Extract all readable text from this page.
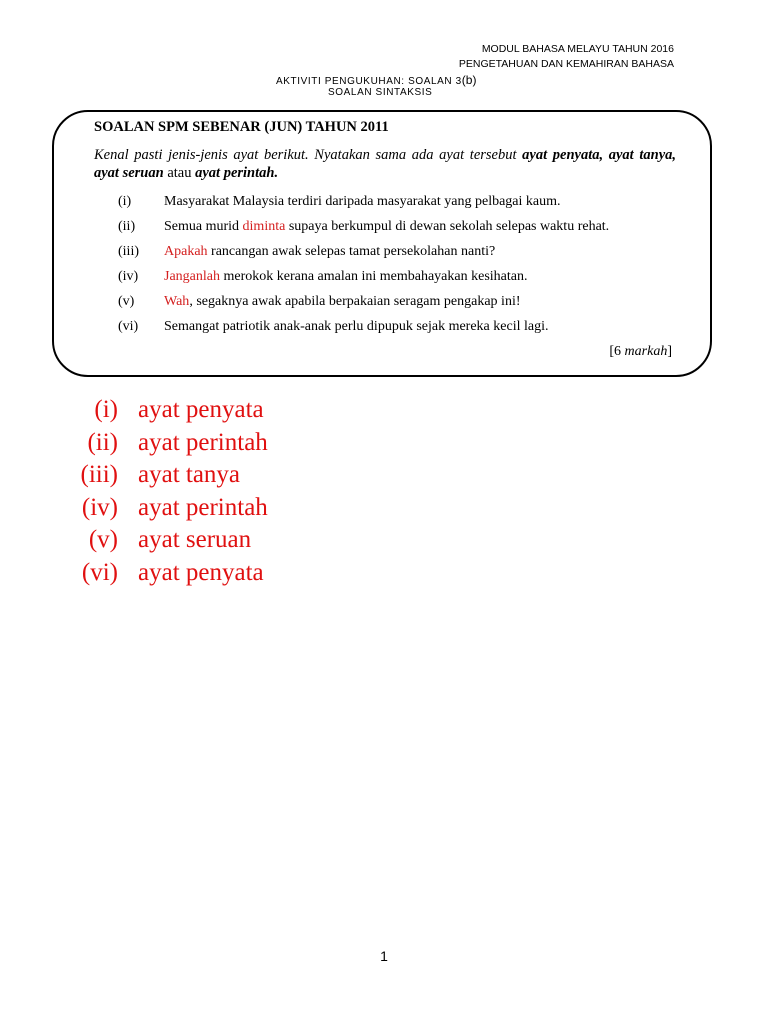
MODUL BAHASA MELAYU TAHUN 2016
PENGETAHUAN DAN KEMAHIRAN BAHASA
AKTIVITI PENGUKUHAN: SOALAN 3(b)
SOALAN SINTAKSIS
SOALAN SPM SEBENAR (JUN) TAHUN 2011
Kenal pasti jenis-jenis ayat berikut. Nyatakan sama ada ayat tersebut ayat penyata, ayat tanya, ayat seruan atau ayat perintah.
(i) Masyarakat Malaysia terdiri daripada masyarakat yang pelbagai kaum.
(ii) Semua murid diminta supaya berkumpul di dewan sekolah selepas waktu rehat.
(iii) Apakah rancangan awak selepas tamat persekolahan nanti?
(iv) Janganlah merokok kerana amalan ini membahayakan kesihatan.
(v) Wah, segaknya awak apabila berpakaian seragam pengakap ini!
(vi) Semangat patriotik anak-anak perlu dipupuk sejak mereka kecil lagi.
[6 markah]
(i) ayat penyata
(ii) ayat perintah
(iii) ayat tanya
(iv) ayat perintah
(v) ayat seruan
(vi) ayat penyata
1
